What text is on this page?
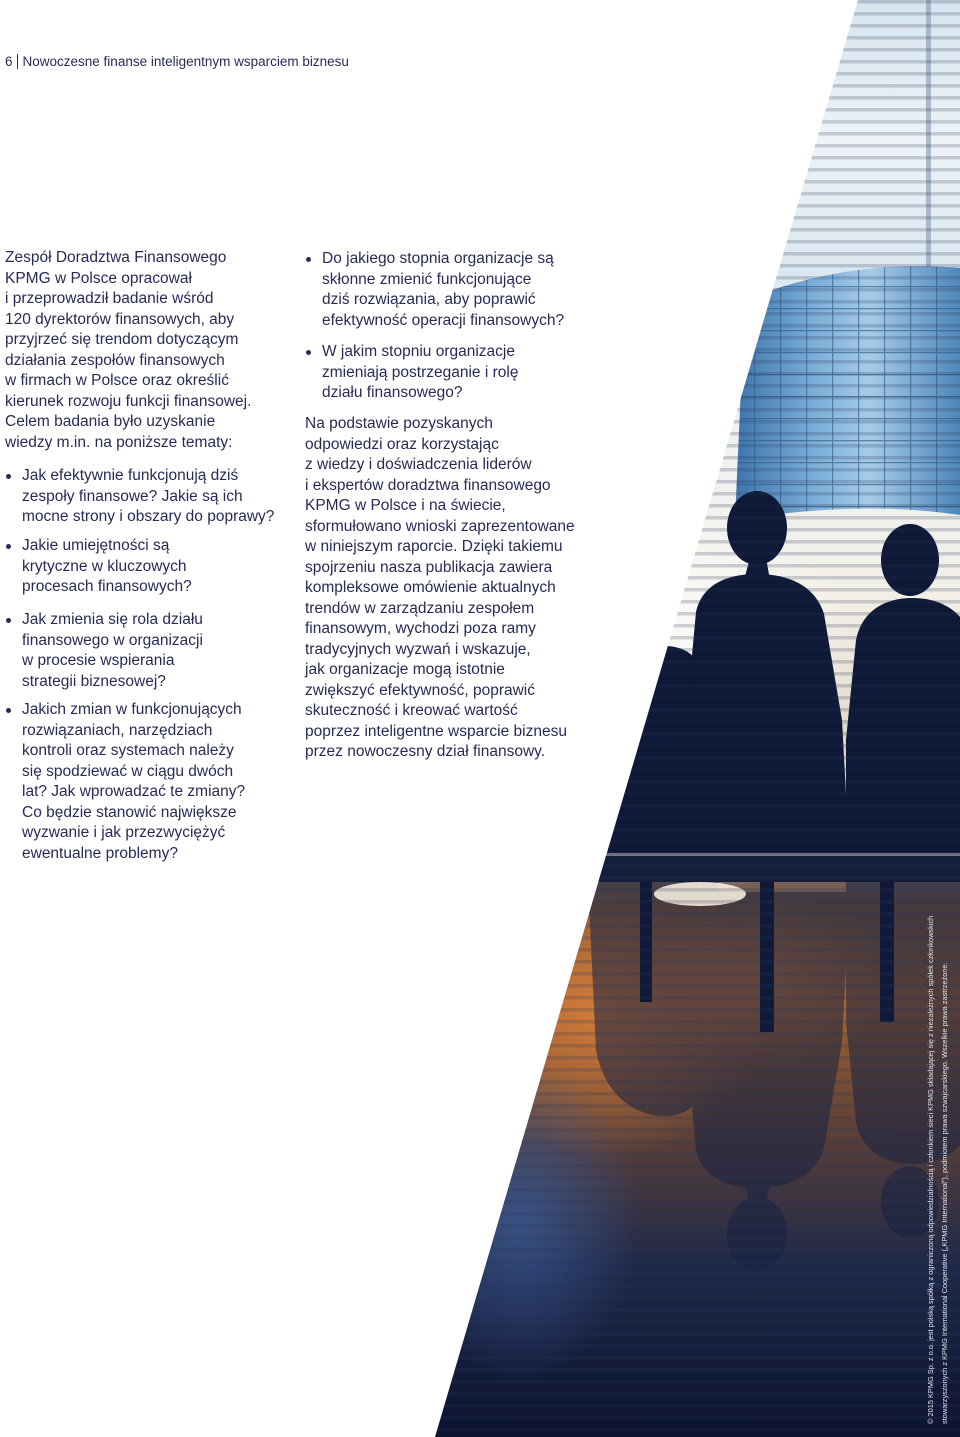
6 Nowoczesne finanse inteligentnym wsparciem biznesu
Zespół Doradztwa Finansowego
KPMG w Polsce opracował
i przeprowadził badanie wśród
120 dyrektorów finansowych, aby
przyjrzeć się trendom dotyczącym
działania zespołów finansowych
w firmach w Polsce oraz określić
kierunek rozwoju funkcji finansowej.
Celem badania było uzyskanie
wiedzy m.in. na poniższe tematy:
Jak efektywnie funkcjonują dziś
zespoły finansowe? Jakie są ich
mocne strony i obszary do poprawy?
Jakie umiejętności są
krytyczne w kluczowych
procesach finansowych?
Jak zmienia się rola działu
finansowego w organizacji
w procesie wspierania
strategii biznesowej?
Jakich zmian w funkcjonujących
rozwiązaniach, narzędziach
kontroli oraz systemach należy
się spodziewać w ciągu dwóch
lat? Jak wprowadzać te zmiany?
Co będzie stanowić największe
wyzwanie i jak przezwyciężyć
ewentualne problemy?
Do jakiego stopnia organizacje są
skłonne zmienić funkcjonujące
dziś rozwiązania, aby poprawić
efektywność operacji finansowych?
W jakim stopniu organizacje
zmieniają postrzeganie i rolę
działu finansowego?
Na podstawie pozyskanych
odpowiedzi oraz korzystając
z wiedzy i doświadczenia liderów
i ekspertów doradztwa finansowego
KPMG w Polsce i na świecie,
sformułowano wnioski zaprezentowane
w niniejszym raporcie. Dzięki takiemu
spojrzeniu nasza publikacja zawiera
kompleksowe omówienie aktualnych
trendów w zarządzaniu zespołem
finansowym, wychodzi poza ramy
tradycyjnych wyzwań i wskazuje,
jak organizacje mogą istotnie
zwiększyć efektywność, poprawić
skuteczność i kreować wartość
poprzez inteligentne wsparcie biznesu
przez nowoczesny dział finansowy.
© 2015 KPMG Sp. z o.o. jest polską spółką z ograniczoną odpowiedzialnością i członkiem sieci KPMG składającej się z niezależnych spółek członkowskich stowarzyszonych z KPMG International Cooperative („KPMG International”), podmiotem prawa szwajcarskiego. Wszelkie prawa zastrzeżone.
